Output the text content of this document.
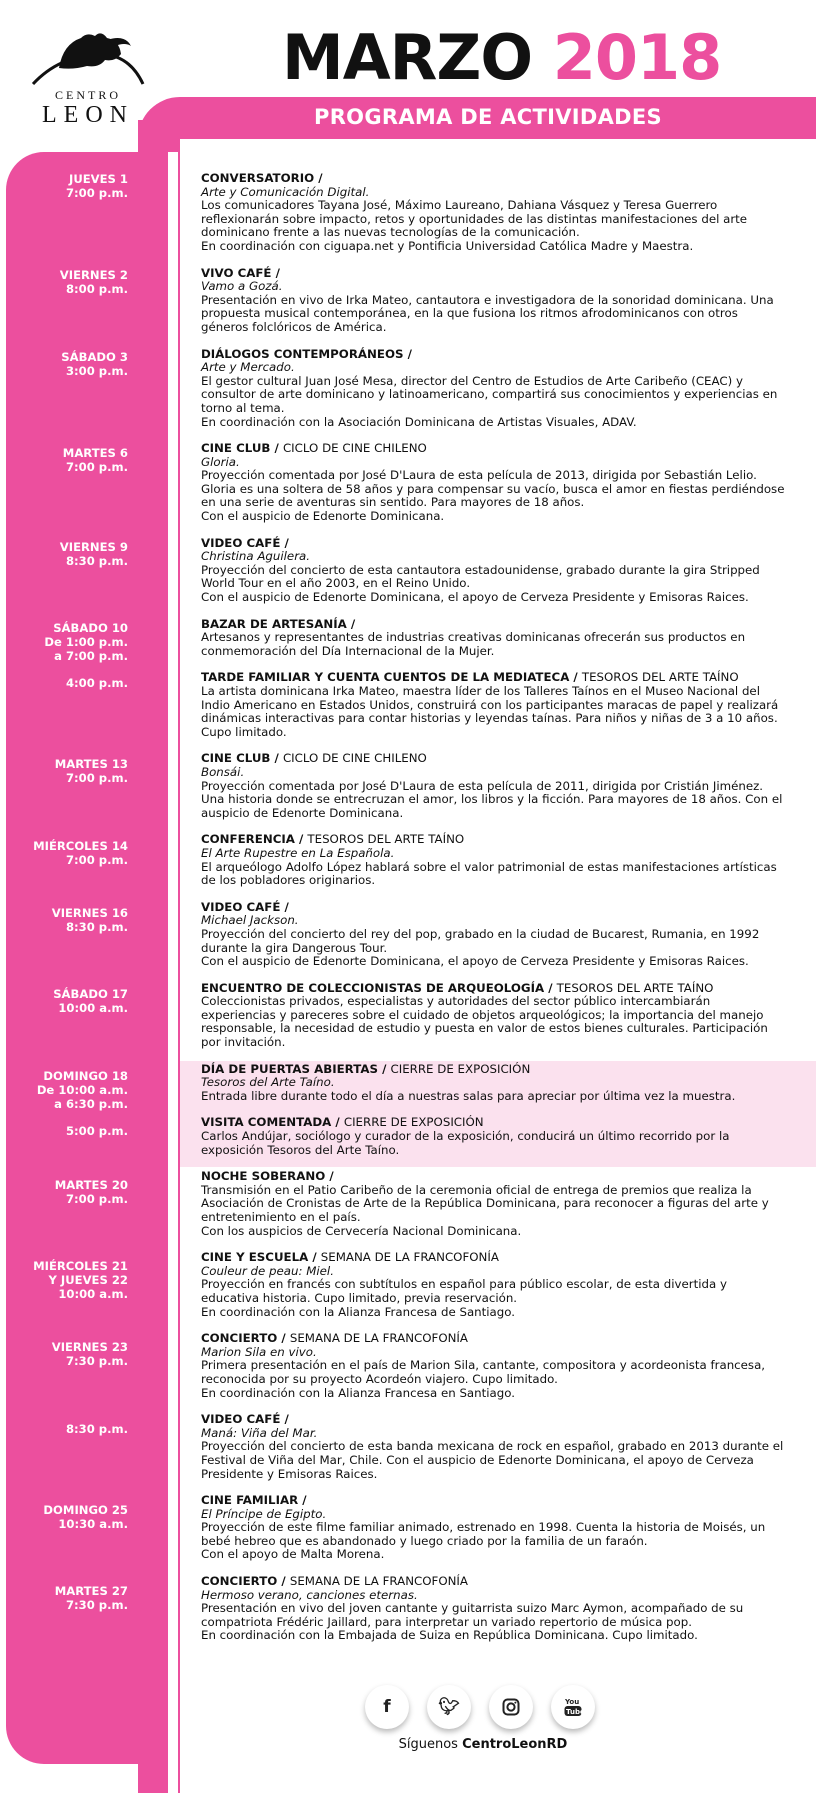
CENTRO
LEON
MARZO 2018
PROGRAMA DE ACTIVIDADES
JUEVES 1
7:00 p.m.
VIERNES 2
8:00 p.m.
SÁBADO 3
3:00 p.m.
MARTES 6
7:00 p.m.
VIERNES 9
8:30 p.m.
SÁBADO 10
De 1:00 p.m.
a 7:00 p.m.
4:00 p.m.
MARTES 13
7:00 p.m.
MIÉRCOLES 14
7:00 p.m.
VIERNES 16
8:30 p.m.
SÁBADO 17
10:00 a.m.
DOMINGO 18
De 10:00 a.m.
a 6:30 p.m.
5:00 p.m.
MARTES 20
7:00 p.m.
MIÉRCOLES 21
Y JUEVES 22
10:00 a.m.
VIERNES 23
7:30 p.m.
8:30 p.m.
DOMINGO 25
10:30 a.m.
MARTES 27
7:30 p.m.
CONVERSATORIO /
Arte y Comunicación Digital.

Los comunicadores Tayana José, Máximo Laureano, Dahiana Vásquez y Teresa Guerrero reflexionarán sobre impacto, retos y oportunidades de las distintas manifestaciones del arte dominicano frente a las nuevas tecnologías de la comunicación.

En coordinación con ciguapa.net y Pontificia Universidad Católica Madre y Maestra.

VIVO CAFÉ /
Vamo a Gozá.

Presentación en vivo de Irka Mateo, cantautora e investigadora de la sonoridad dominicana. Una propuesta musical contemporánea, en la que fusiona los ritmos afrodominicanos con otros géneros folclóricos de América.

DIÁLOGOS CONTEMPORÁNEOS /
Arte y Mercado.

El gestor cultural Juan José Mesa, director del Centro de Estudios de Arte Caribeño (CEAC) y consultor de arte dominicano y latinoamericano, compartirá sus conocimientos y experiencias en torno al tema.

En coordinación con la Asociación Dominicana de Artistas Visuales, ADAV.

CINE CLUB / CICLO DE CINE CHILENO
Gloria.

Proyección comentada por José D'Laura de esta película de 2013, dirigida por Sebastián Lelio. Gloria es una soltera de 58 años y para compensar su vacío, busca el amor en fiestas perdiéndose en una serie de aventuras sin sentido. Para mayores de 18 años.

Con el auspicio de Edenorte Dominicana.

VIDEO CAFÉ /
Christina Aguilera.

Proyección del concierto de esta cantautora estadounidense, grabado durante la gira Stripped World Tour en el año 2003, en el Reino Unido.

Con el auspicio de Edenorte Dominicana, el apoyo de Cerveza Presidente y Emisoras Raices.

BAZAR DE ARTESANÍA /

Artesanos y representantes de industrias creativas dominicanas ofrecerán sus productos en conmemoración del Día Internacional de la Mujer.

TARDE FAMILIAR Y CUENTA CUENTOS DE LA MEDIATECA / TESOROS DEL ARTE TAÍNO

La artista dominicana Irka Mateo, maestra líder de los Talleres Taínos en el Museo Nacional del Indio Americano en Estados Unidos, construirá con los participantes maracas de papel y realizará dinámicas interactivas para contar historias y leyendas taínas. Para niños y niñas de 3 a 10 años. Cupo limitado.

CINE CLUB / CICLO DE CINE CHILENO
Bonsái.

Proyección comentada por José D'Laura de esta película de 2011, dirigida por Cristián Jiménez. Una historia donde se entrecruzan el amor, los libros y la ficción. Para mayores de 18 años. Con el auspicio de Edenorte Dominicana.

CONFERENCIA / TESOROS DEL ARTE TAÍNO
El Arte Rupestre en La Española.

El arqueólogo Adolfo López hablará sobre el valor patrimonial de estas manifestaciones artísticas de los pobladores originarios.

VIDEO CAFÉ /
Michael Jackson.

Proyección del concierto del rey del pop, grabado en la ciudad de Bucarest, Rumania, en 1992 durante la gira Dangerous Tour.

Con el auspicio de Edenorte Dominicana, el apoyo de Cerveza Presidente y Emisoras Raices.

ENCUENTRO DE COLECCIONISTAS DE ARQUEOLOGÍA / TESOROS DEL ARTE TAÍNO

Coleccionistas privados, especialistas y autoridades del sector público intercambiarán experiencias y pareceres sobre el cuidado de objetos arqueológicos; la importancia del manejo responsable, la necesidad de estudio y puesta en valor de estos bienes culturales. Participación por invitación.

DÍA DE PUERTAS ABIERTAS / CIERRE DE EXPOSICIÓN
Tesoros del Arte Taíno.

Entrada libre durante todo el día a nuestras salas para apreciar por última vez la muestra.

VISITA COMENTADA / CIERRE DE EXPOSICIÓN

Carlos Andújar, sociólogo y curador de la exposición, conducirá un último recorrido por la exposición Tesoros del Arte Taíno.

NOCHE SOBERANO /

Transmisión en el Patio Caribeño de la ceremonia oficial de entrega de premios que realiza la Asociación de Cronistas de Arte de la República Dominicana, para reconocer a figuras del arte y entretenimiento en el país.

Con los auspicios de Cervecería Nacional Dominicana.

CINE Y ESCUELA / SEMANA DE LA FRANCOFONÍA
Couleur de peau: Miel.

Proyección en francés con subtítulos en español para público escolar, de esta divertida y educativa historia. Cupo limitado, previa reservación.

En coordinación con la Alianza Francesa de Santiago.

CONCIERTO / SEMANA DE LA FRANCOFONÍA
Marion Sila en vivo.

Primera presentación en el país de Marion Sila, cantante, compositora y acordeonista francesa, reconocida por su proyecto Acordeón viajero. Cupo limitado.

En coordinación con la Alianza Francesa en Santiago.

VIDEO CAFÉ /
Maná: Viña del Mar.

Proyección del concierto de esta banda mexicana de rock en español, grabado en 2013 durante el Festival de Viña del Mar, Chile. Con el auspicio de Edenorte Dominicana, el apoyo de Cerveza Presidente y Emisoras Raices.

CINE FAMILIAR /
El Príncipe de Egipto.

Proyección de este filme familiar animado, estrenado en 1998. Cuenta la historia de Moisés, un bebé hebreo que es abandonado y luego criado por la familia de un faraón.

Con el apoyo de Malta Morena.

CONCIERTO / SEMANA DE LA FRANCOFONÍA
Hermoso verano, canciones eternas.

Presentación en vivo del joven cantante y guitarrista suizo Marc Aymon, acompañado de su compatriota Frédéric Jaillard, para interpretar un variado repertorio de música pop.

En coordinación con la Embajada de Suiza en República Dominicana. Cupo limitado.

f	🐦︎	You
Tube
Síguenos CentroLeonRD
